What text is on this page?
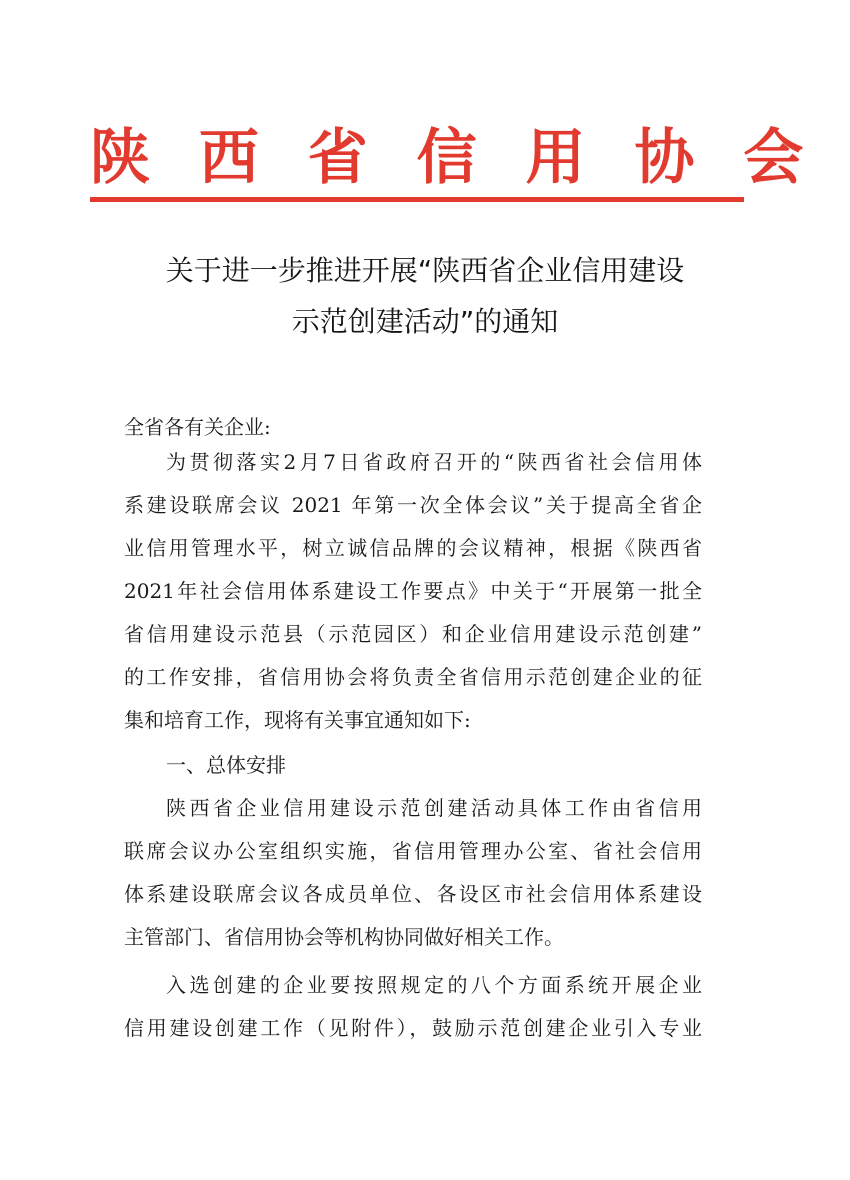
陕 西 省 信 用 协 会
关于进一步推进开展“陕西省企业信用建设
示范创建活动”的通知
全省各有关企业:
为贯彻落实2月7日省政府召开的“陕西省社会信用体
系建设联席会议 2021 年第一次全体会议”关于提高全省企
业信用管理水平，树立诚信品牌的会议精神，根据《陕西省
2021年社会信用体系建设工作要点》中关于“开展第一批全
省信用建设示范县（示范园区）和企业信用建设示范创建”
的工作安排，省信用协会将负责全省信用示范创建企业的征
集和培育工作，现将有关事宜通知如下:
一、总体安排
陕西省企业信用建设示范创建活动具体工作由省信用
联席会议办公室组织实施，省信用管理办公室、省社会信用
体系建设联席会议各成员单位、各设区市社会信用体系建设
主管部门、省信用协会等机构协同做好相关工作。
入选创建的企业要按照规定的八个方面系统开展企业
信用建设创建工作（见附件），鼓励示范创建企业引入专业
